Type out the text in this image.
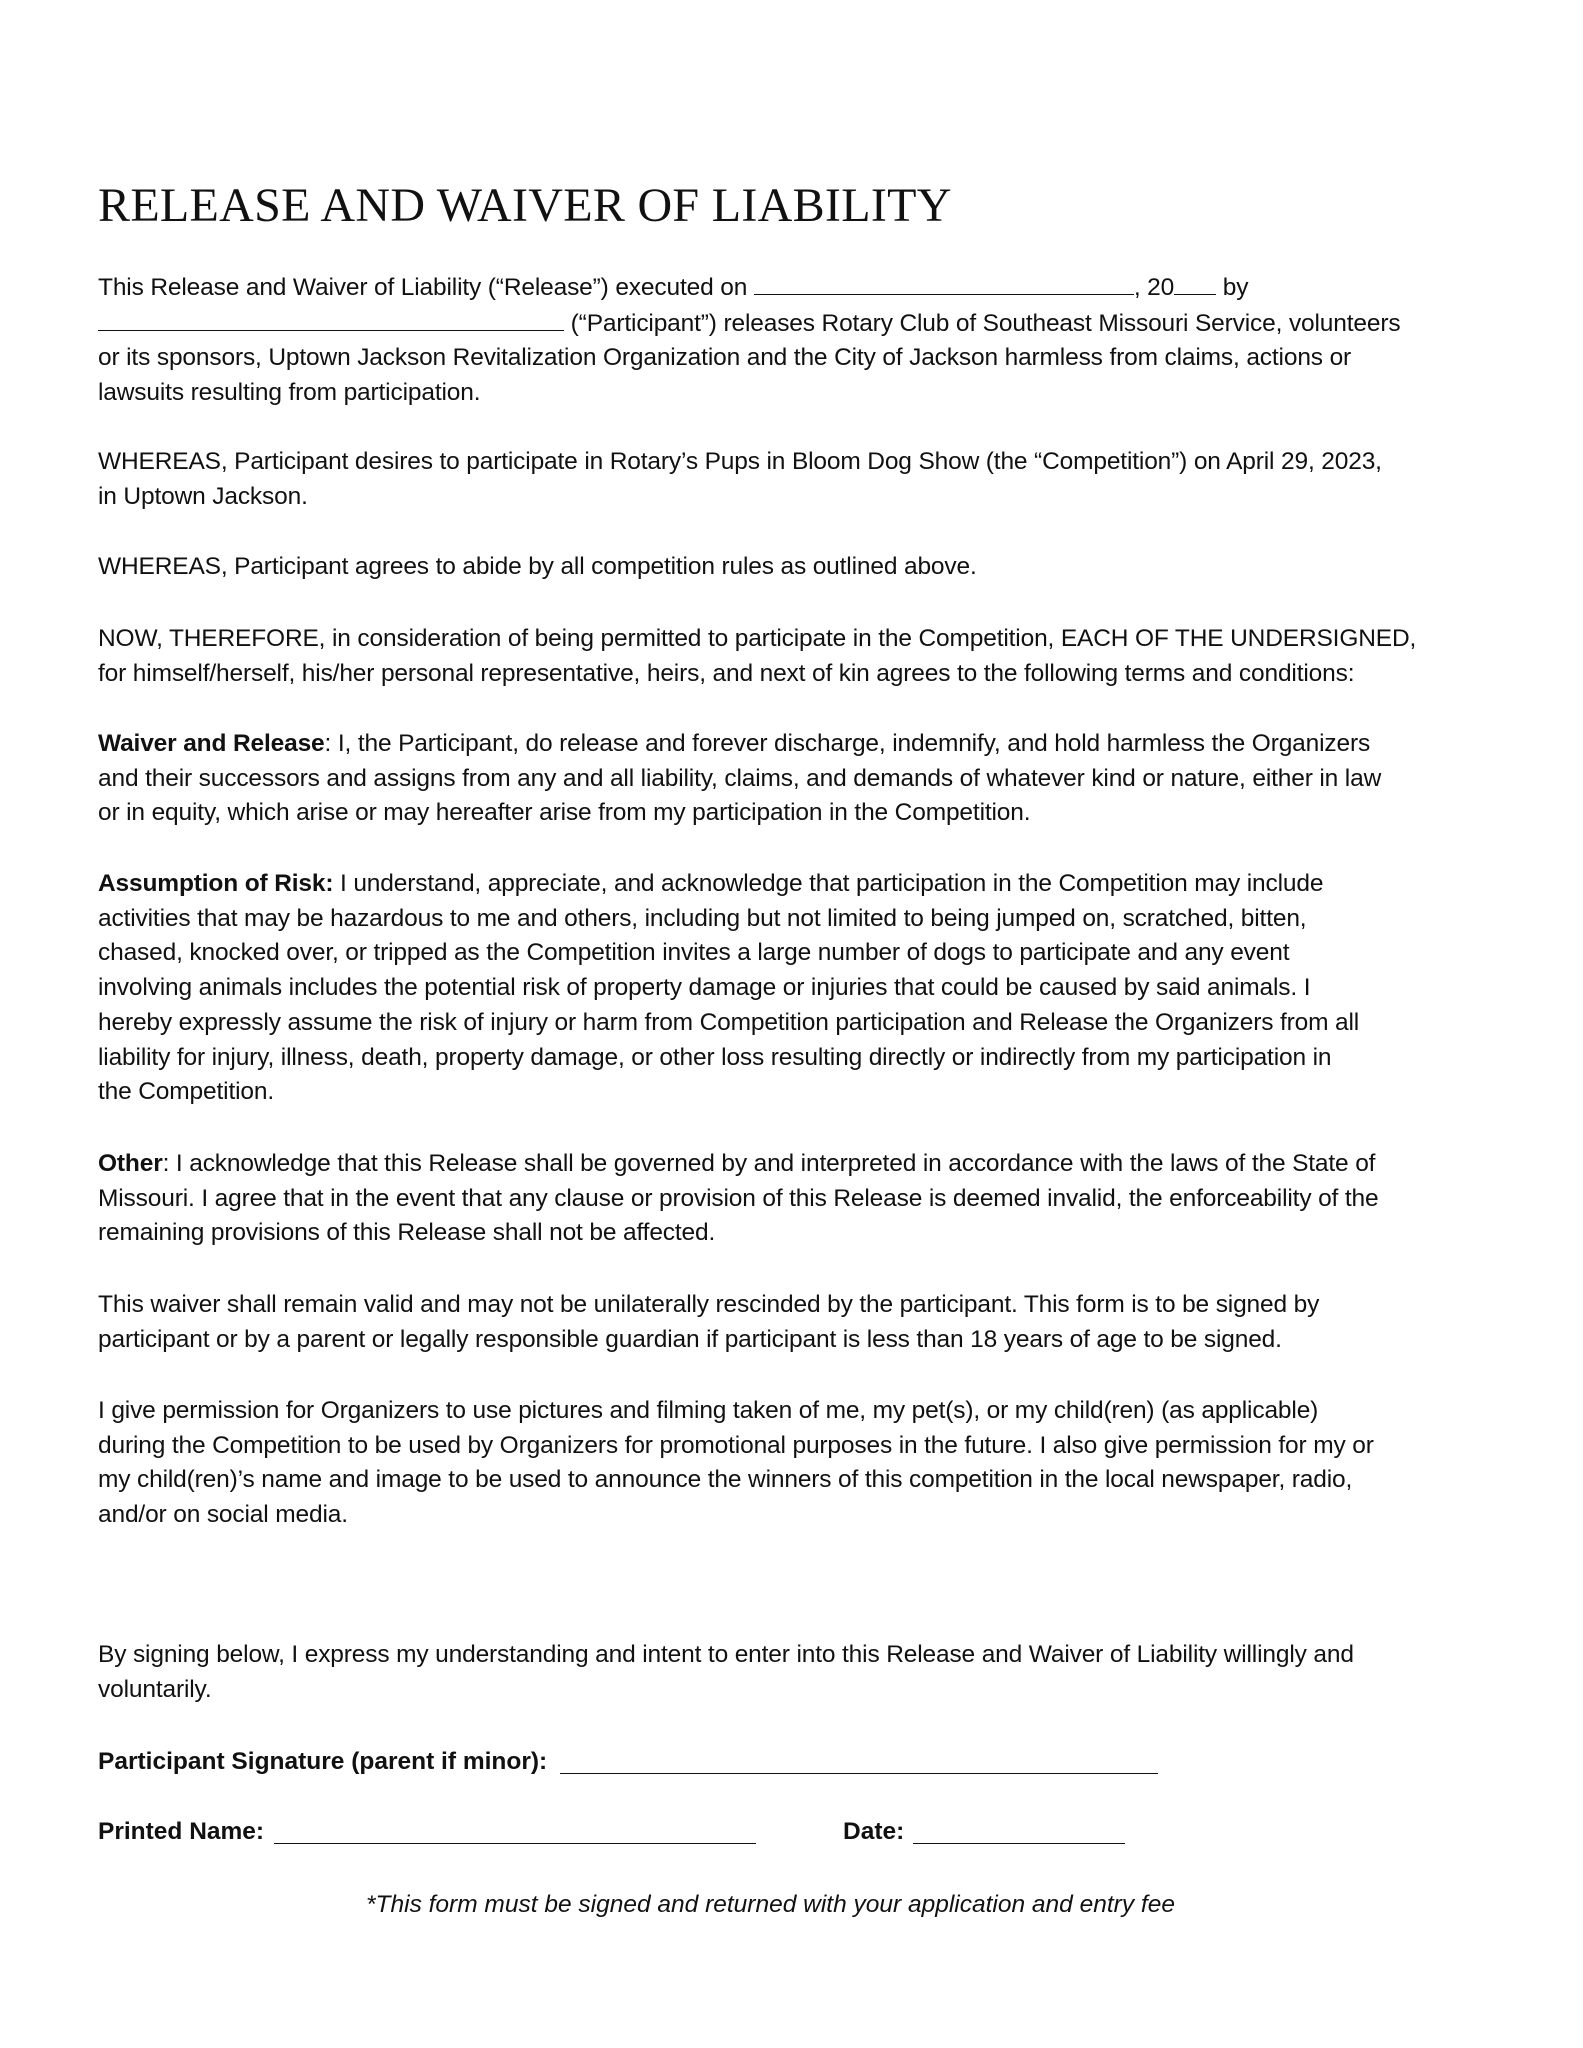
RELEASE AND WAIVER OF LIABILITY
This Release and Waiver of Liability (“Release”) executed on	, 20 by
(“Participant”) releases Rotary Club of Southeast Missouri Service, volunteers
or its sponsors, Uptown Jackson Revitalization Organization and the City of Jackson harmless from claims, actions or
lawsuits resulting from participation.
WHEREAS, Participant desires to participate in Rotary’s Pups in Bloom Dog Show (the “Competition”) on April 29, 2023,
in Uptown Jackson.
WHEREAS, Participant agrees to abide by all competition rules as outlined above.
NOW, THEREFORE, in consideration of being permitted to participate in the Competition, EACH OF THE UNDERSIGNED,
for himself/herself, his/her personal representative, heirs, and next of kin agrees to the following terms and conditions:
Waiver and Release: I, the Participant, do release and forever discharge, indemnify, and hold harmless the Organizers
and their successors and assigns from any and all liability, claims, and demands of whatever kind or nature, either in law
or in equity, which arise or may hereafter arise from my participation in the Competition.
Assumption of Risk: I understand, appreciate, and acknowledge that participation in the Competition may include
activities that may be hazardous to me and others, including but not limited to being jumped on, scratched, bitten,
chased, knocked over, or tripped as the Competition invites a large number of dogs to participate and any event
involving animals includes the potential risk of property damage or injuries that could be caused by said animals. I
hereby expressly assume the risk of injury or harm from Competition participation and Release the Organizers from all
liability for injury, illness, death, property damage, or other loss resulting directly or indirectly from my participation in
the Competition.
Other: I acknowledge that this Release shall be governed by and interpreted in accordance with the laws of the State of
Missouri. I agree that in the event that any clause or provision of this Release is deemed invalid, the enforceability of the
remaining provisions of this Release shall not be affected.
This waiver shall remain valid and may not be unilaterally rescinded by the participant. This form is to be signed by
participant or by a parent or legally responsible guardian if participant is less than 18 years of age to be signed.
I give permission for Organizers to use pictures and filming taken of me, my pet(s), or my child(ren) (as applicable)
during the Competition to be used by Organizers for promotional purposes in the future. I also give permission for my or
my child(ren)’s name and image to be used to announce the winners of this competition in the local newspaper, radio,
and/or on social media.
By signing below, I express my understanding and intent to enter into this Release and Waiver of Liability willingly and
voluntarily.
Participant Signature (parent if minor):
Printed Name:	Date:
*This form must be signed and returned with your application and entry fee
